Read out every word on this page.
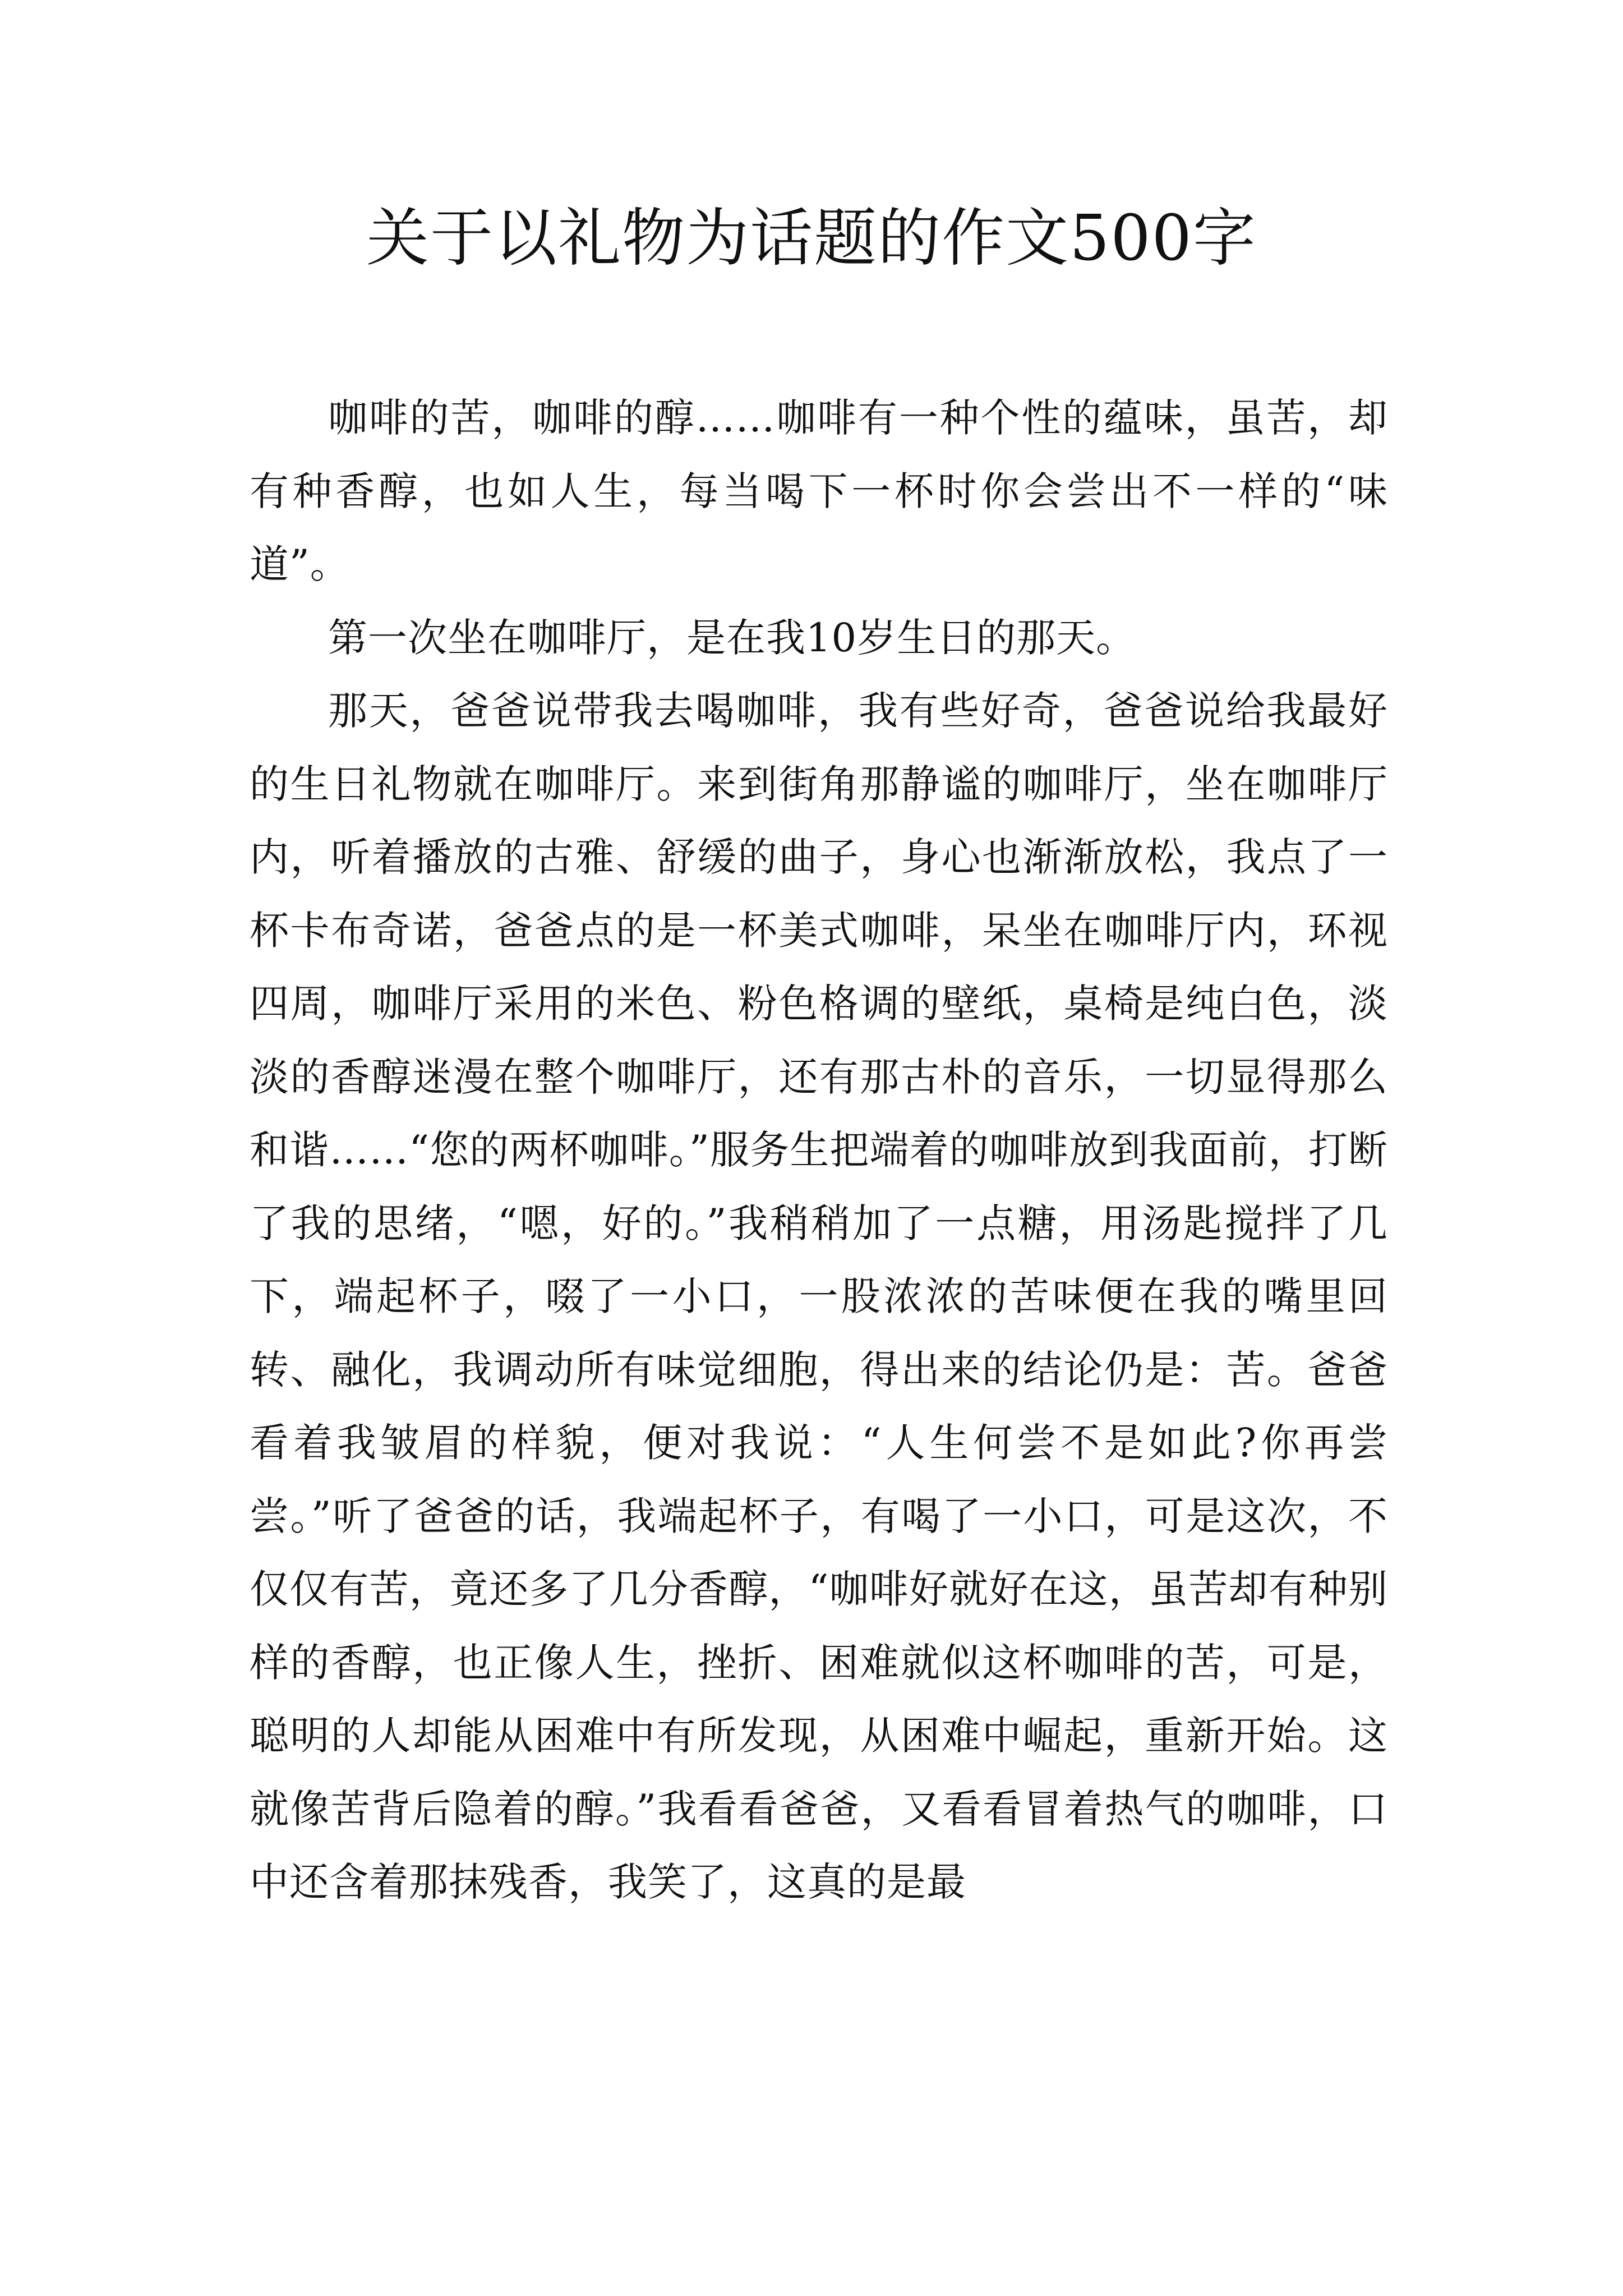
关于以礼物为话题的作文500字

咖啡的苦，咖啡的醇……咖啡有一种个性的蕴味，虽苦，却有种香醇，也如人生，每当喝下一杯时你会尝出不一样的“味道”。

第一次坐在咖啡厅，是在我10岁生日的那天。

那天，爸爸说带我去喝咖啡，我有些好奇，爸爸说给我最好的生日礼物就在咖啡厅。来到街角那静谧的咖啡厅，坐在咖啡厅内，听着播放的古雅、舒缓的曲子，身心也渐渐放松，我点了一杯卡布奇诺，爸爸点的是一杯美式咖啡，呆坐在咖啡厅内，环视四周，咖啡厅采用的米色、粉色格调的壁纸，桌椅是纯白色，淡淡的香醇迷漫在整个咖啡厅，还有那古朴的音乐，一切显得那么和谐……“您的两杯咖啡。”服务生把端着的咖啡放到我面前，打断了我的思绪，“嗯，好的。”我稍稍加了一点糖，用汤匙搅拌了几下，端起杯子，啜了一小口，一股浓浓的苦味便在我的嘴里回转、融化，我调动所有味觉细胞，得出来的结论仍是：苦。爸爸看着我皱眉的样貌，便对我说：“人生何尝不是如此?你再尝尝。”听了爸爸的话，我端起杯子，有喝了一小口，可是这次，不仅仅有苦，竟还多了几分香醇，“咖啡好就好在这，虽苦却有种别样的香醇，也正像人生，挫折、困难就似这杯咖啡的苦，可是，聪明的人却能从困难中有所发现，从困难中崛起，重新开始。这就像苦背后隐着的醇。”我看看爸爸，又看看冒着热气的咖啡，口中还含着那抹残香，我笑了，这真的是最
